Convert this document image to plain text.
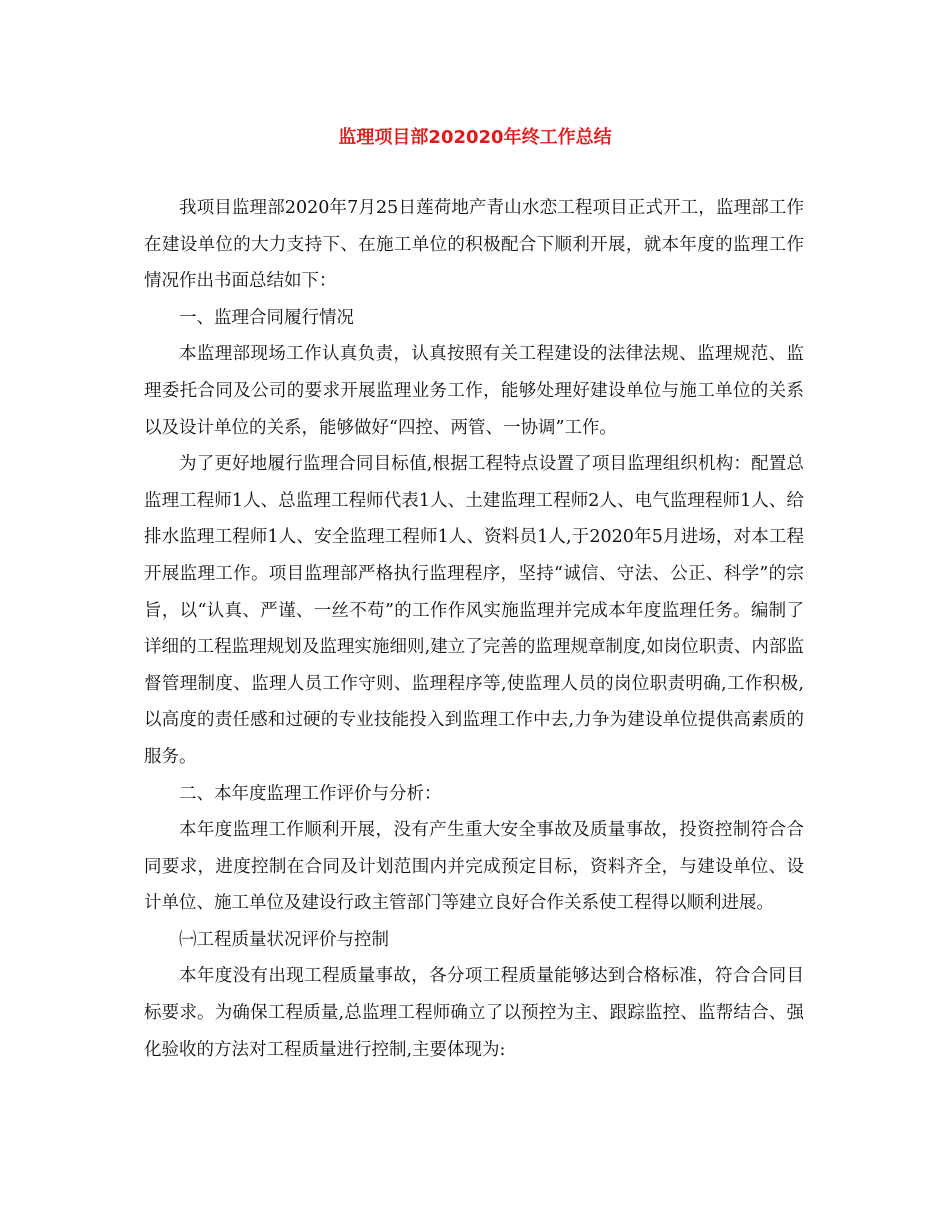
监理项目部202020年终工作总结

我项目监理部2020年7月25日莲荷地产青山水恋工程项目正式开工，监理部工作在建设单位的大力支持下、在施工单位的积极配合下顺利开展，就本年度的监理工作情况作出书面总结如下：

一、监理合同履行情况

本监理部现场工作认真负责，认真按照有关工程建设的法律法规、监理规范、监理委托合同及公司的要求开展监理业务工作，能够处理好建设单位与施工单位的关系以及设计单位的关系，能够做好“四控、两管、一协调”工作。

为了更好地履行监理合同目标值,根据工程特点设置了项目监理组织机构：配置总监理工程师1人、总监理工程师代表1人、土建监理工程师2人、电气监理程师1人、给排水监理工程师1人、安全监理工程师1人、资料员1人,于2020年5月进场，对本工程开展监理工作。项目监理部严格执行监理程序，坚持“诚信、守法、公正、科学”的宗旨，以“认真、严谨、一丝不苟”的工作作风实施监理并完成本年度监理任务。编制了详细的工程监理规划及监理实施细则,建立了完善的监理规章制度,如岗位职责、内部监督管理制度、监理人员工作守则、监理程序等,使监理人员的岗位职责明确,工作积极,以高度的责任感和过硬的专业技能投入到监理工作中去,力争为建设单位提供高素质的服务。

二、本年度监理工作评价与分析：

本年度监理工作顺利开展，没有产生重大安全事故及质量事故，投资控制符合合同要求，进度控制在合同及计划范围内并完成预定目标，资料齐全，与建设单位、设计单位、施工单位及建设行政主管部门等建立良好合作关系使工程得以顺利进展。

㈠工程质量状况评价与控制

本年度没有出现工程质量事故，各分项工程质量能够达到合格标准，符合合同目标要求。为确保工程质量,总监理工程师确立了以预控为主、跟踪监控、监帮结合、强化验收的方法对工程质量进行控制,主要体现为:
